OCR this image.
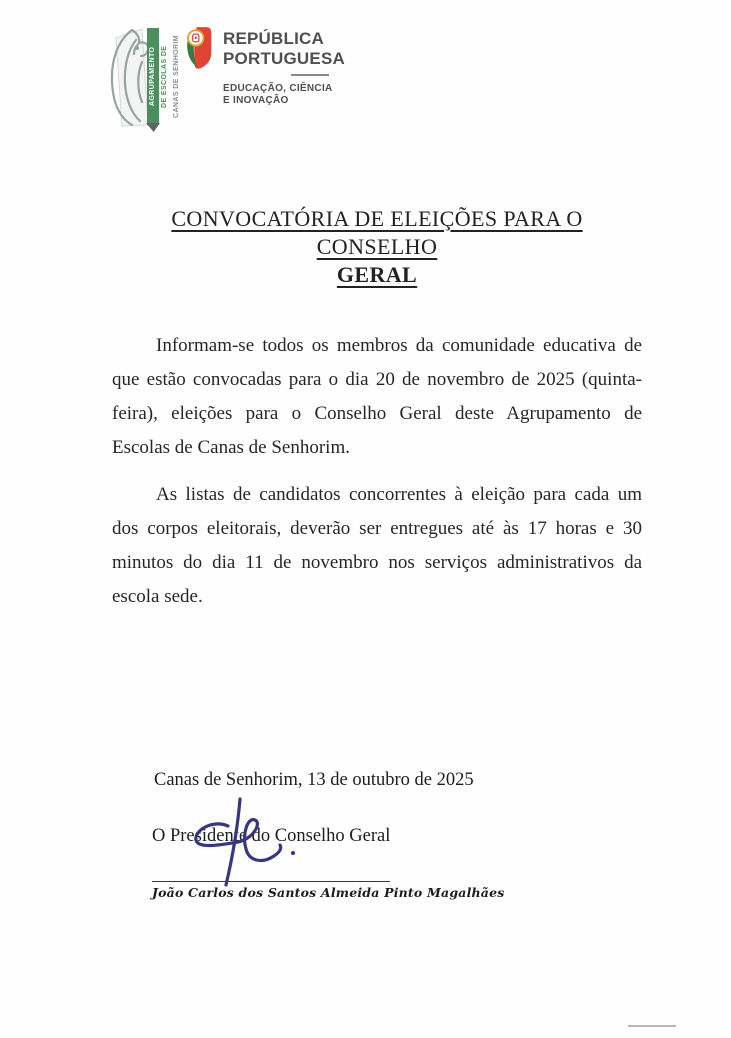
AGRUPAMENTO DE ESCOLAS DE CANAS DE SENHORIM	REPÚBLICA
PORTUGUESA
EDUCAÇÃO, CIÊNCIA
E INOVAÇÃO
CONVOCATÓRIA DE ELEIÇÕES PARA O CONSELHO
GERAL
Informam-se todos os membros da comunidade educativa de
que estão convocadas para o dia 20 de novembro de 2025 (quinta-
feira), eleições para o Conselho Geral deste Agrupamento de
Escolas de Canas de Senhorim.
As listas de candidatos concorrentes à eleição para cada um
dos corpos eleitorais, deverão ser entregues até às 17 horas e 30
minutos do dia 11 de novembro nos serviços administrativos da
escola sede.
Canas de Senhorim, 13 de outubro de 2025
O Presidente do Conselho Geral
João Carlos dos Santos Almeida Pinto Magalhães
